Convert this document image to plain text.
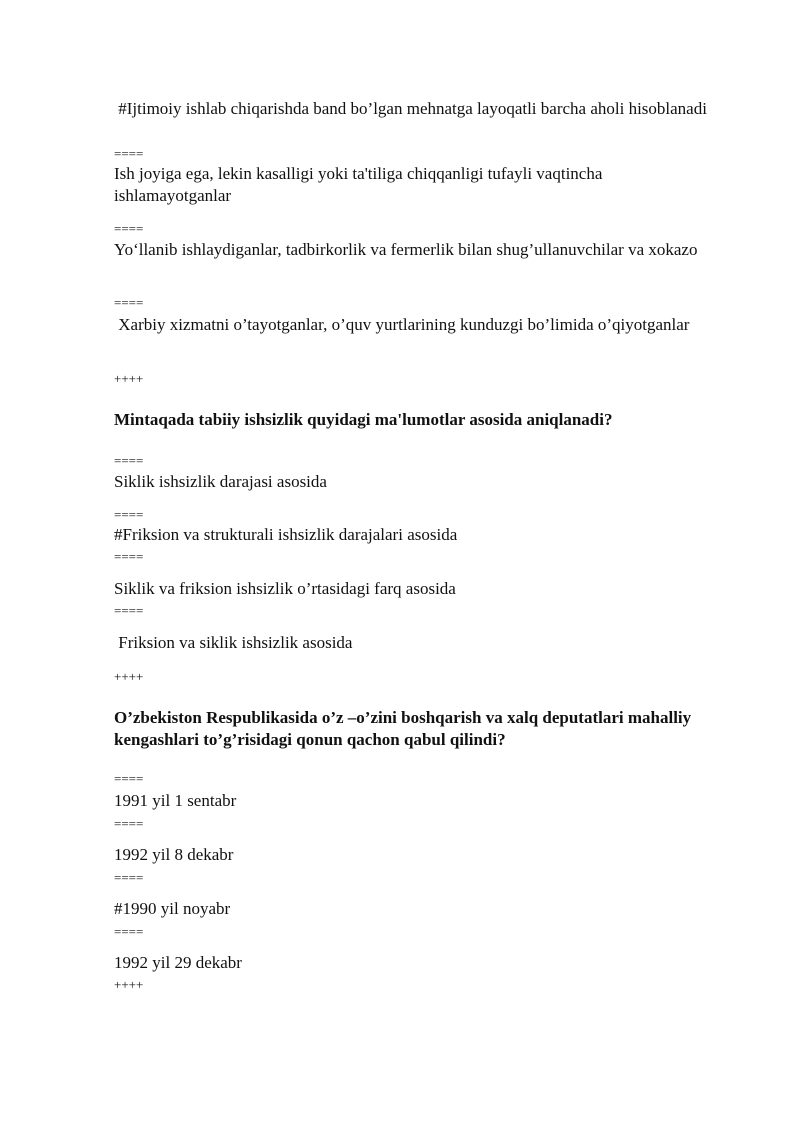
#Ijtimoiy ishlab chiqarishda band bo’lgan mehnatga layoqatli barcha aholi hisoblanadi
====
Ish joyiga ega, lekin kasalligi yoki ta'tiliga chiqqanligi tufayli vaqtincha ishlamayotganlar
====
Yo‘llanib ishlaydiganlar, tadbirkorlik va fermerlik bilan shug’ullanuvchilar va xokazo
====
Xarbiy xizmatni o’tayotganlar, o’quv yurtlarining kunduzgi bo’limida o’qiyotganlar
++++
Mintaqada tabiiy ishsizlik quyidagi ma'lumotlar asosida aniqlanadi?
====
Siklik ishsizlik darajasi asosida
====
#Friksion va strukturali ishsizlik darajalari asosida
====
Siklik va friksion ishsizlik o’rtasidagi farq asosida
====
Friksion va siklik ishsizlik asosida
++++
O’zbekiston Respublikasida o’z –o’zini boshqarish va xalq deputatlari mahalliy kengashlari to’g’risidagi qonun qachon qabul qilindi?
====
1991 yil 1 sentabr
====
1992 yil 8 dekabr
====
#1990 yil noyabr
====
1992 yil 29 dekabr
++++
